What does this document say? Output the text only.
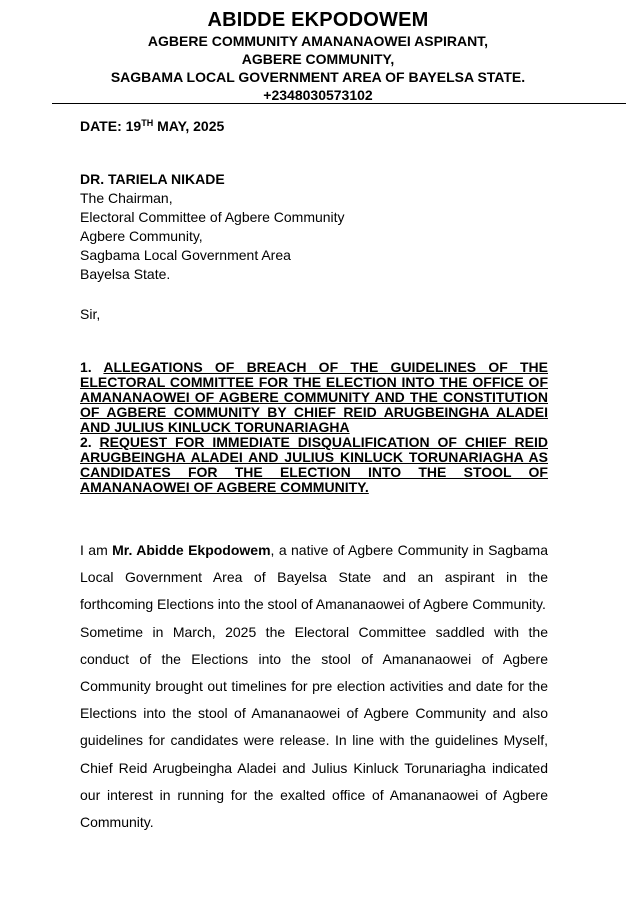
ABIDDE EKPODOWEM
AGBERE COMMUNITY AMANANAOWEI ASPIRANT,
AGBERE COMMUNITY,
SAGBAMA LOCAL GOVERNMENT AREA OF BAYELSA STATE.
+2348030573102
DATE: 19TH MAY, 2025
DR. TARIELA NIKADE
The Chairman,
Electoral Committee of Agbere Community
Agbere Community,
Sagbama Local Government Area
Bayelsa State.
Sir,

1. ALLEGATIONS OF BREACH OF THE GUIDELINES OF THE ELECTORAL COMMITTEE FOR THE ELECTION INTO THE OFFICE OF AMANANAOWEI OF AGBERE COMMUNITY AND THE CONSTITUTION OF AGBERE COMMUNITY BY CHIEF REID ARUGBEINGHA ALADEI AND JULIUS KINLUCK TORUNARIAGHA

2. REQUEST FOR IMMEDIATE DISQUALIFICATION OF CHIEF REID ARUGBEINGHA ALADEI AND JULIUS KINLUCK TORUNARIAGHA AS CANDIDATES FOR THE ELECTION INTO THE STOOL OF AMANANAOWEI OF AGBERE COMMUNITY.

I am Mr. Abidde Ekpodowem, a native of Agbere Community in Sagbama Local Government Area of Bayelsa State and an aspirant in the forthcoming Elections into the stool of Amananaowei of Agbere Community.

Sometime in March, 2025 the Electoral Committee saddled with the conduct of the Elections into the stool of Amananaowei of Agbere Community brought out timelines for pre election activities and date for the Elections into the stool of Amananaowei of Agbere Community and also guidelines for candidates were release. In line with the guidelines Myself, Chief Reid Arugbeingha Aladei and Julius Kinluck Torunariagha indicated our interest in running for the exalted office of Amananaowei of Agbere Community.
